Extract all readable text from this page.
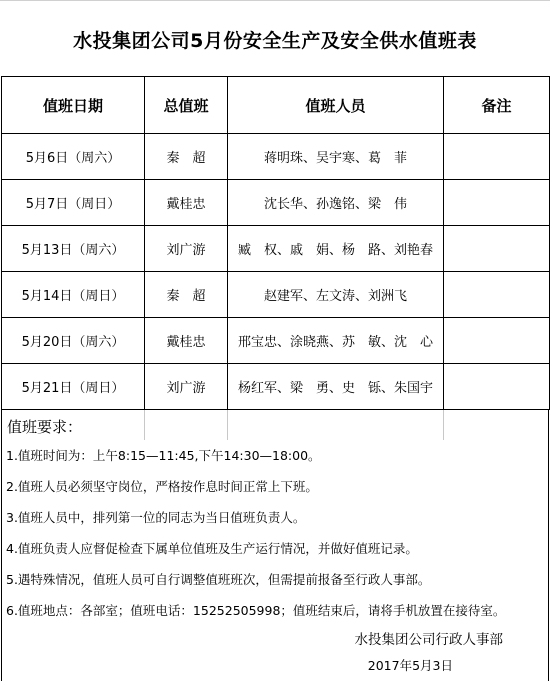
水投集团公司5月份安全生产及安全供水值班表
值班日期	总值班	值班人员	备注
5月6日（周六）	秦　超	蒋明珠、吴宇寒、葛　菲	
5月7日（周日）	戴桂忠	沈长华、孙逸铭、梁　伟	
5月13日（周六）	刘广游	臧　权、戚　娟、杨　路、刘艳春	
5月14日（周日）	秦　超	赵建军、左文涛、刘洲飞	
5月20日（周六）	戴桂忠	邢宝忠、涂晓燕、苏　敏、沈　心	
5月21日（周日）	刘广游	杨红军、梁　勇、史　铄、朱国宇	
值班要求：
1.值班时间为：上午8:15—11:45,下午14:30—18:00。
2.值班人员必须坚守岗位，严格按作息时间正常上下班。
3.值班人员中，排列第一位的同志为当日值班负责人。
4.值班负责人应督促检查下属单位值班及生产运行情况，并做好值班记录。
5.遇特殊情况，值班人员可自行调整值班班次，但需提前报备至行政人事部。
6.值班地点：各部室；值班电话：15252505998；值班结束后，请将手机放置在接待室。
水投集团公司行政人事部
2017年5月3日
